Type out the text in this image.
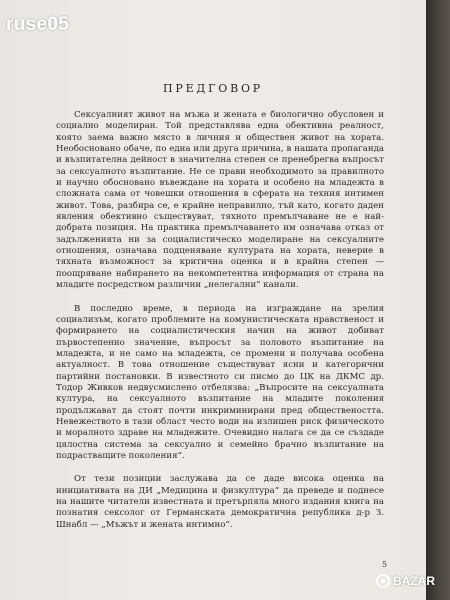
ПРЕДГОВОР

Сексуалният живот на мъжа и жената е биологично обусловен и социално моделиран. Той представлява една обективна реалност, която заема важно място в личния и обществен живот на хората. Необосновано обаче, по една или друга причина, в нашата пропаганда и възпитателна дейност в значителна степен се пренебрегва въпросът за сексуалното възпитание. Не се прави необходимото за правилното и научно обосновано въвеждане на хората и особено на младежта в сложната сама от човешки отношения в сферата на техния интимен живот. Това, разбира се, е крайне неправилно, тъй като, когато даден явления обективно съществуват, тяхното премълчаване не е най-добрата позиция. На практика премълчаването им означава отказ от задълженията ни за социалистическо моделиране на сексуалните отношения, означава подценяване културата на хората, неверие в тяхната възможност за критична оценка и в крайна степен — поощряване набирането на некомпетентна информация от страна на младите посредством различни „нелегални“ канали.

В последно време, в периода на изграждане на зрелия социализъм, когато проблемите на комунистическата нравственост и формирането на социалистическия начин на живот добиват първостепенно значение, въпросът за половото възпитание на младежта, и не само на младежта, се промени и получава особена актуалност. В това отношение съществуват ясни и категорични партийни постановки. В известното си писмо до ЦК на ДКМС др. Тодор Живков недвусмислено отбелязва: „Въпросите на сексуалната култура, на сексуалното възпитание на младите поколения продължават да стоят почти инкриминирани пред обществеността. Невежеството в тази област често води на излишен риск физическото и моралното здраве на младежите. Очевидно налага се да се създаде цялостна система за сексуално и семейно брачно възпитание на подрастващите поколения“.

От тези позиции заслужава да се даде висока оценка на инициативата на ДИ „Медицина и физкултура“ да преведе и поднесе на нашите читатели известната и претърпяла много издания книга на познатия сексолог от Германската демократична република д-р З. Шнабл — „Мъжът и жената интимно“.

5
ruse05
BAZAR
